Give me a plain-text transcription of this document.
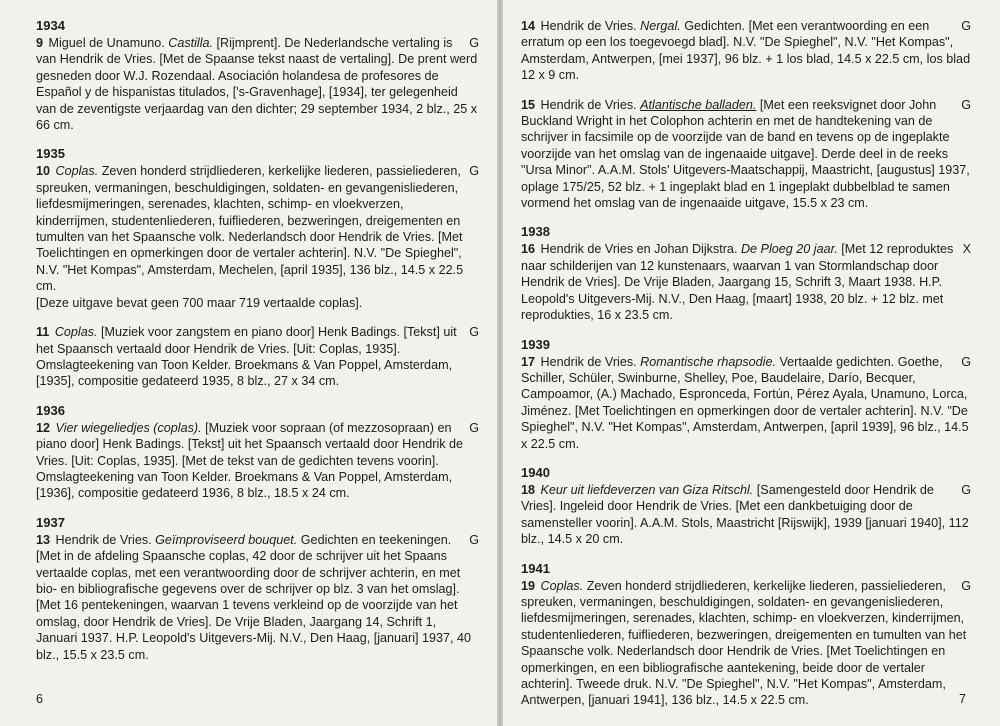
1934
G
9 Miguel de Unamuno. Castilla. [Rijmprent]. De Nederlandsche vertaling is van Hendrik de Vries. [Met de Spaanse tekst naast de vertaling]. De prent werd gesneden door W.J. Rozendaal. Asociación holandesa de profesores de Español y de hispanistas titulados, ['s-Gravenhage], [1934], ter gelegenheid van de zeventigste verjaardag van den dichter; 29 september 1934, 2 blz., 25 x 66 cm.
1935
G
10 Coplas. Zeven honderd strijdliederen, kerkelijke liederen, passieliederen, spreuken, vermaningen, beschuldigingen, soldaten- en gevangenisliederen, liefdesmijmeringen, serenades, klachten, schimp- en vloekverzen, kinderrijmen, studentenliederen, fuifliederen, bezweringen, dreigementen en tumulten van het Spaansche volk. Nederlandsch door Hendrik de Vries. [Met Toelichtingen en opmerkingen door de vertaler achterin]. N.V. "De Spieghel", N.V. "Het Kompas", Amsterdam, Mechelen, [april 1935], 136 blz., 14.5 x 22.5 cm.
[Deze uitgave bevat geen 700 maar 719 vertaalde coplas].
G
11 Coplas. [Muziek voor zangstem en piano door] Henk Badings. [Tekst] uit het Spaansch vertaald door Hendrik de Vries. [Uit: Coplas, 1935]. Omslagteekening van Toon Kelder. Broekmans & Van Poppel, Amsterdam, [1935], compositie gedateerd 1935, 8 blz., 27 x 34 cm.
1936
G
12 Vier wiegeliedjes (coplas). [Muziek voor sopraan (of mezzosopraan) en piano door] Henk Badings. [Tekst] uit het Spaansch vertaald door Hendrik de Vries. [Uit: Coplas, 1935]. [Met de tekst van de gedichten tevens voorin]. Omslagteekening van Toon Kelder. Broekmans & Van Poppel, Amsterdam, [1936], compositie gedateerd 1936, 8 blz., 18.5 x 24 cm.
1937
G
13 Hendrik de Vries. Geïmproviseerd bouquet. Gedichten en teekeningen. [Met in de afdeling Spaansche coplas, 42 door de schrijver uit het Spaans vertaalde coplas, met een verantwoording door de schrijver achterin, en met bio- en bibliografische gegevens over de schrijver op blz. 3 van het omslag]. [Met 16 pentekeningen, waarvan 1 tevens verkleind op de voorzijde van het omslag, door Hendrik de Vries]. De Vrije Bladen, Jaargang 14, Schrift 1, Januari 1937. H.P. Leopold's Uitgevers-Mij. N.V., Den Haag, [januari] 1937, 40 blz., 15.5 x 23.5 cm.
6
G
14 Hendrik de Vries. Nergal. Gedichten. [Met een verantwoording en een erratum op een los toegevoegd blad]. N.V. "De Spieghel", N.V. "Het Kompas", Amsterdam, Antwerpen, [mei 1937], 96 blz. + 1 los blad, 14.5 x 22.5 cm, los blad 12 x 9 cm.
G
15 Hendrik de Vries. Atlantische balladen. [Met een reeksvignet door John Buckland Wright in het Colophon achterin en met de handtekening van de schrijver in facsimile op de voorzijde van de band en tevens op de ingeplakte voorzijde van het omslag van de ingenaaide uitgave]. Derde deel in de reeks "Ursa Minor". A.A.M. Stols' Uitgevers-Maatschappij, Maastricht, [augustus] 1937, oplage 175/25, 52 blz. + 1 ingeplakt blad en 1 ingeplakt dubbelblad te samen vormend het omslag van de ingenaaide uitgave, 15.5 x 23 cm.
1938
X
16 Hendrik de Vries en Johan Dijkstra. De Ploeg 20 jaar. [Met 12 reproduktes naar schilderijen van 12 kunstenaars, waarvan 1 van Stormlandschap door Hendrik de Vries]. De Vrije Bladen, Jaargang 15, Schrift 3, Maart 1938. H.P. Leopold's Uitgevers-Mij. N.V., Den Haag, [maart] 1938, 20 blz. + 12 blz. met reprodukties, 16 x 23.5 cm.
1939
G
17 Hendrik de Vries. Romantische rhapsodie. Vertaalde gedichten. Goethe, Schiller, Schüler, Swinburne, Shelley, Poe, Baudelaire, Darío, Becquer, Campoamor, (A.) Machado, Espronceda, Fortún, Pérez Ayala, Unamuno, Lorca, Jiménez. [Met Toelichtingen en opmerkingen door de vertaler achterin]. N.V. "De Spieghel", N.V. "Het Kompas", Amsterdam, Antwerpen, [april 1939], 96 blz., 14.5 x 22.5 cm.
1940
G
18 Keur uit liefdeverzen van Giza Ritschl. [Samengesteld door Hendrik de Vries]. Ingeleid door Hendrik de Vries. [Met een dankbetuiging door de samensteller voorin]. A.A.M. Stols, Maastricht [Rijswijk], 1939 [januari 1940], 112 blz., 14.5 x 20 cm.
1941
G
19 Coplas. Zeven honderd strijdliederen, kerkelijke liederen, passieliederen, spreuken, vermaningen, beschuldigingen, soldaten- en gevangenisliederen, liefdesmijmeringen, serenades, klachten, schimp- en vloekverzen, kinderrijmen, studentenliederen, fuifliederen, bezweringen, dreigementen en tumulten van het Spaansche volk. Nederlandsch door Hendrik de Vries. [Met Toelichtingen en opmerkingen, en een bibliografische aantekening, beide door de vertaler achterin]. Tweede druk. N.V. "De Spieghel", N.V. "Het Kompas", Amsterdam, Antwerpen, [januari 1941], 136 blz., 14.5 x 22.5 cm.	7
